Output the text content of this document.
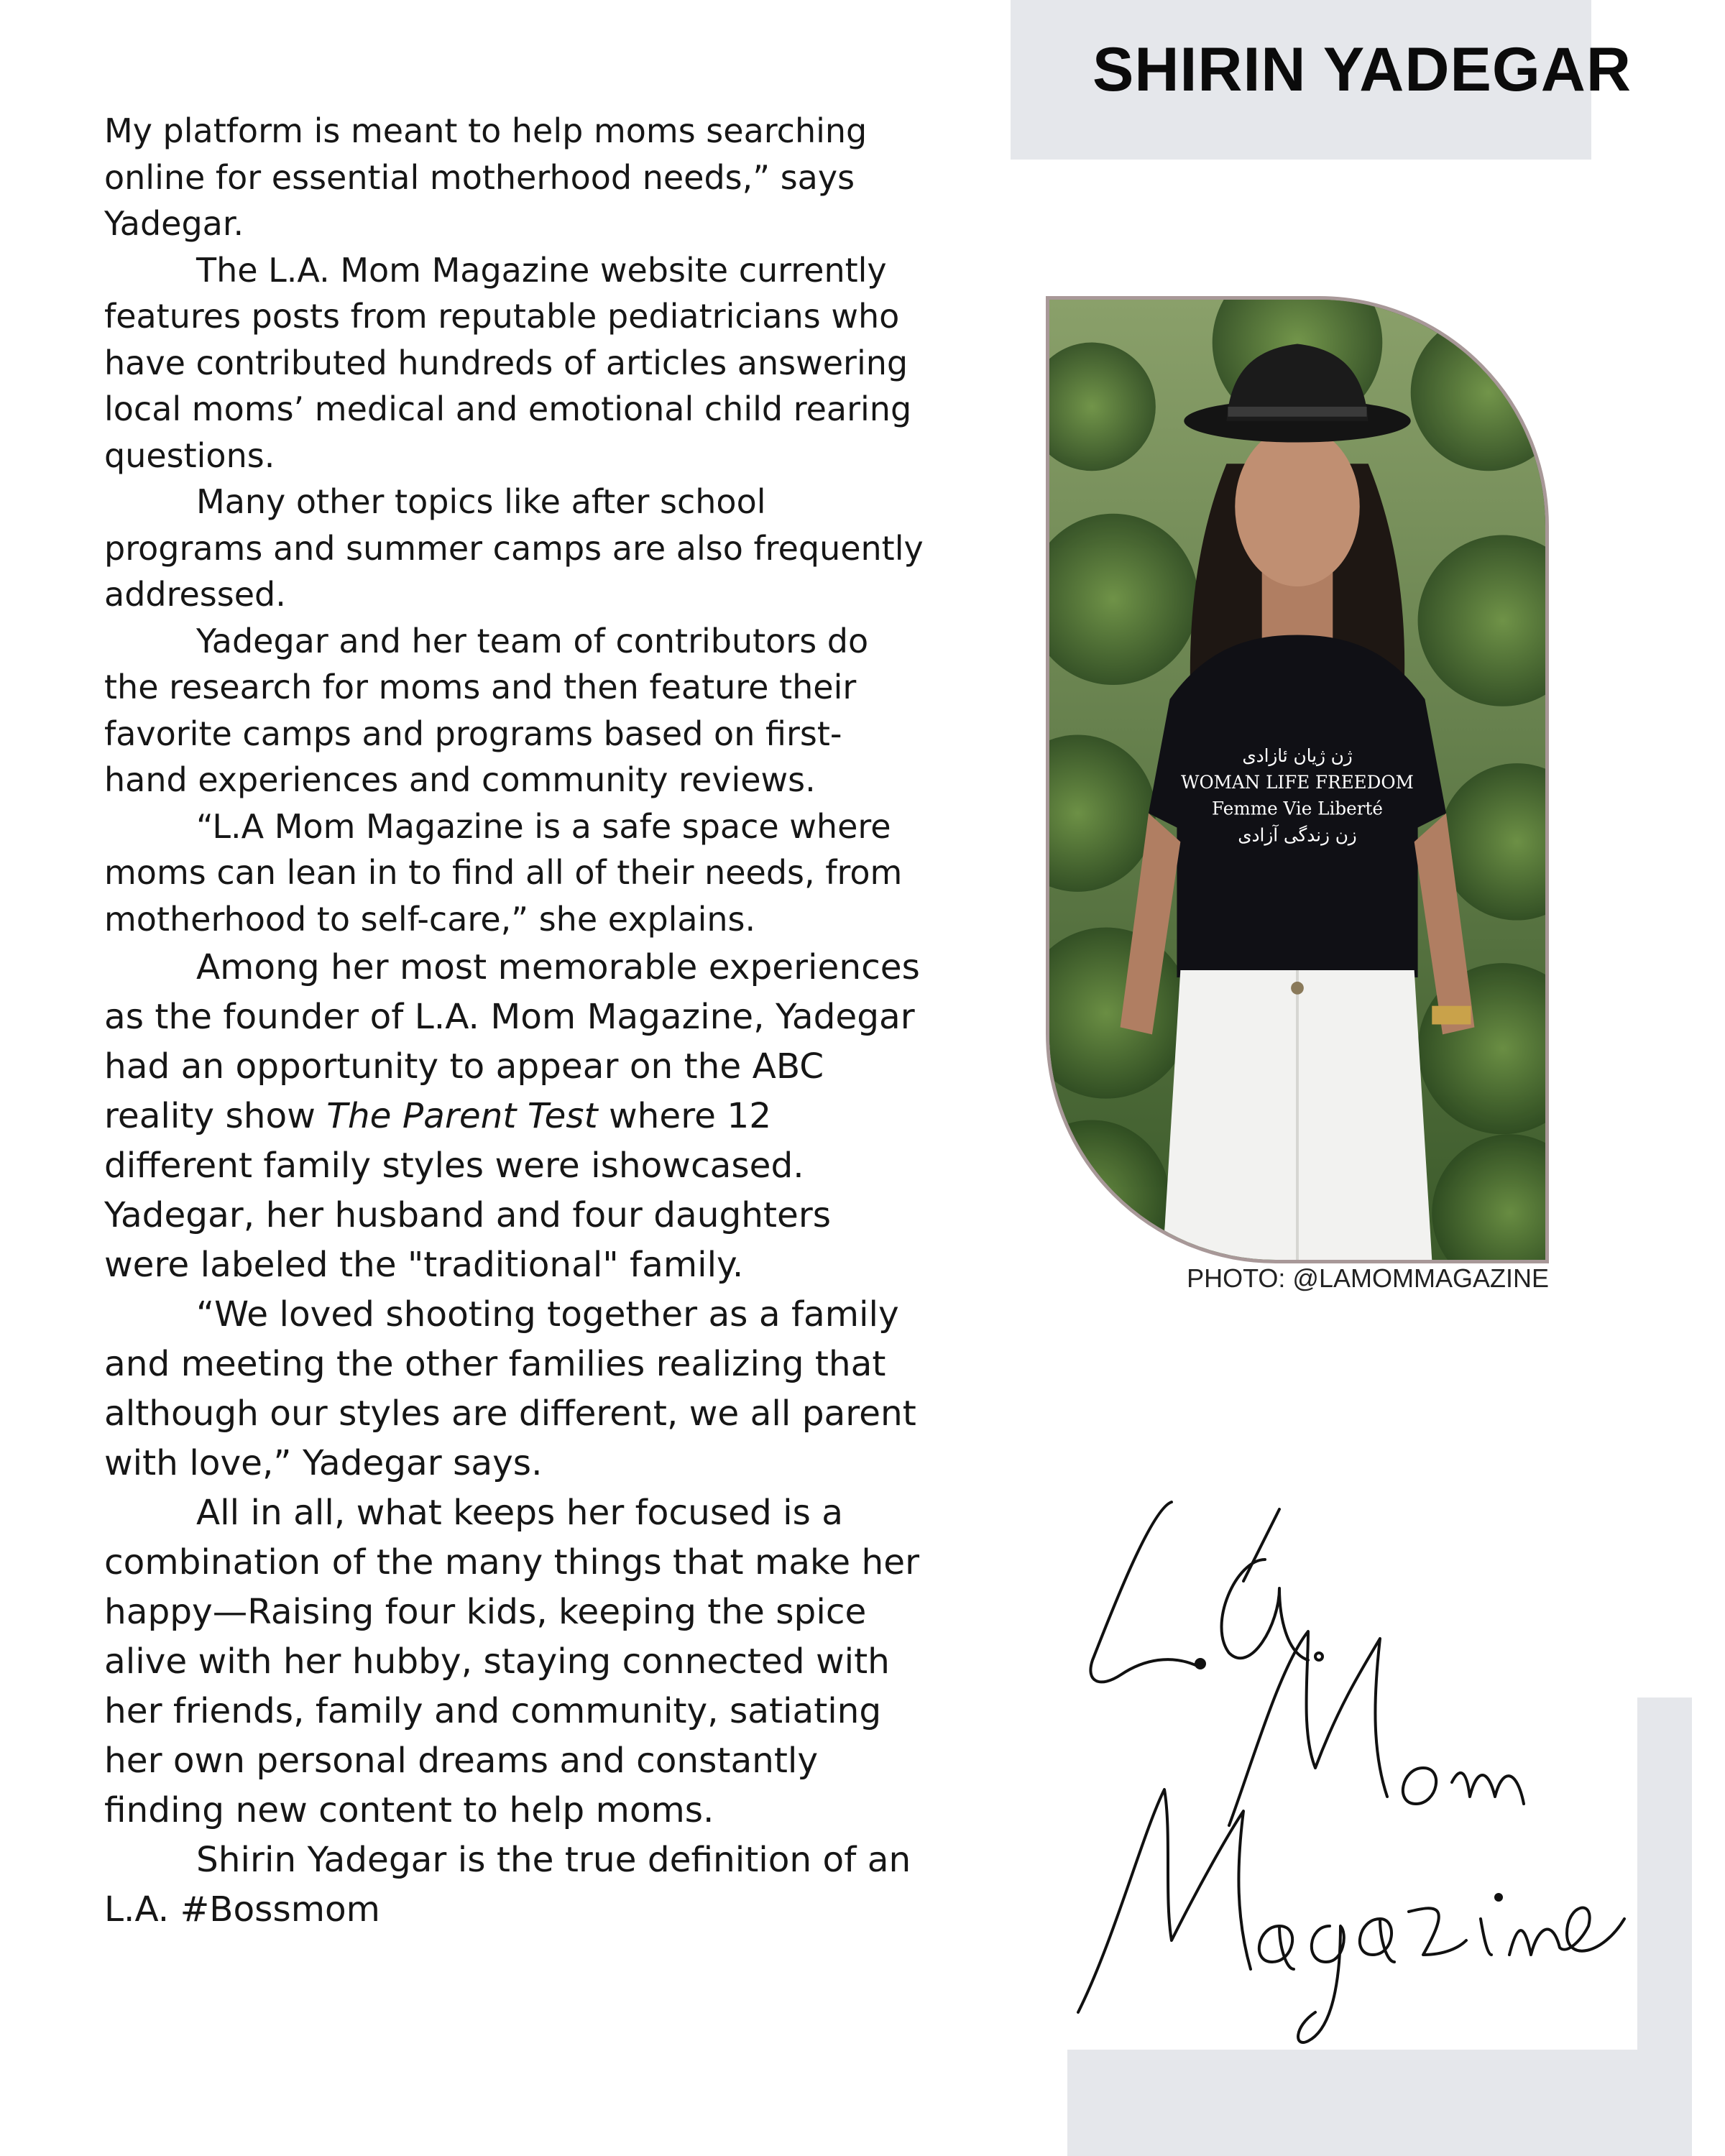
SHIRIN YADEGAR

My platform is meant to help moms searching online for essential motherhood needs,” says Yadegar.

The L.A. Mom Magazine website currently features posts from reputable pediatricians who have contributed hundreds of articles answering local moms’ medical and emotional child rearing questions.

Many other topics like after school programs and summer camps are also frequently addressed.

Yadegar and her team of contributors do the research for moms and then feature their favorite camps and programs based on first-hand experiences and community reviews.

“L.A Mom Magazine is a safe space where moms can lean in to find all of their needs, from motherhood to self-care,” she explains.

Among her most memorable experiences as the founder of L.A. Mom Magazine, Yadegar had an opportunity to appear on the ABC reality show The Parent Test where 12 different family styles were ishowcased. Yadegar, her husband and four daughters were labeled the "traditional" family.

“We loved shooting together as a family and meeting the other families realizing that although our styles are different, we all parent with love,” Yadegar says.

All in all, what keeps her focused is a combination of the many things that make her happy—Raising four kids, keeping the spice alive with her hubby, staying connected with her friends, family and community, satiating her own personal dreams and constantly finding new content to help moms.

Shirin Yadegar is the true definition of an L.A. #Bossmom

ژن ژیان ئازادی
WOMAN LIFE FREEDOM
Femme Vie Liberté
زن زندگی آزادی
PHOTO: @LAMOMMAGAZINE
